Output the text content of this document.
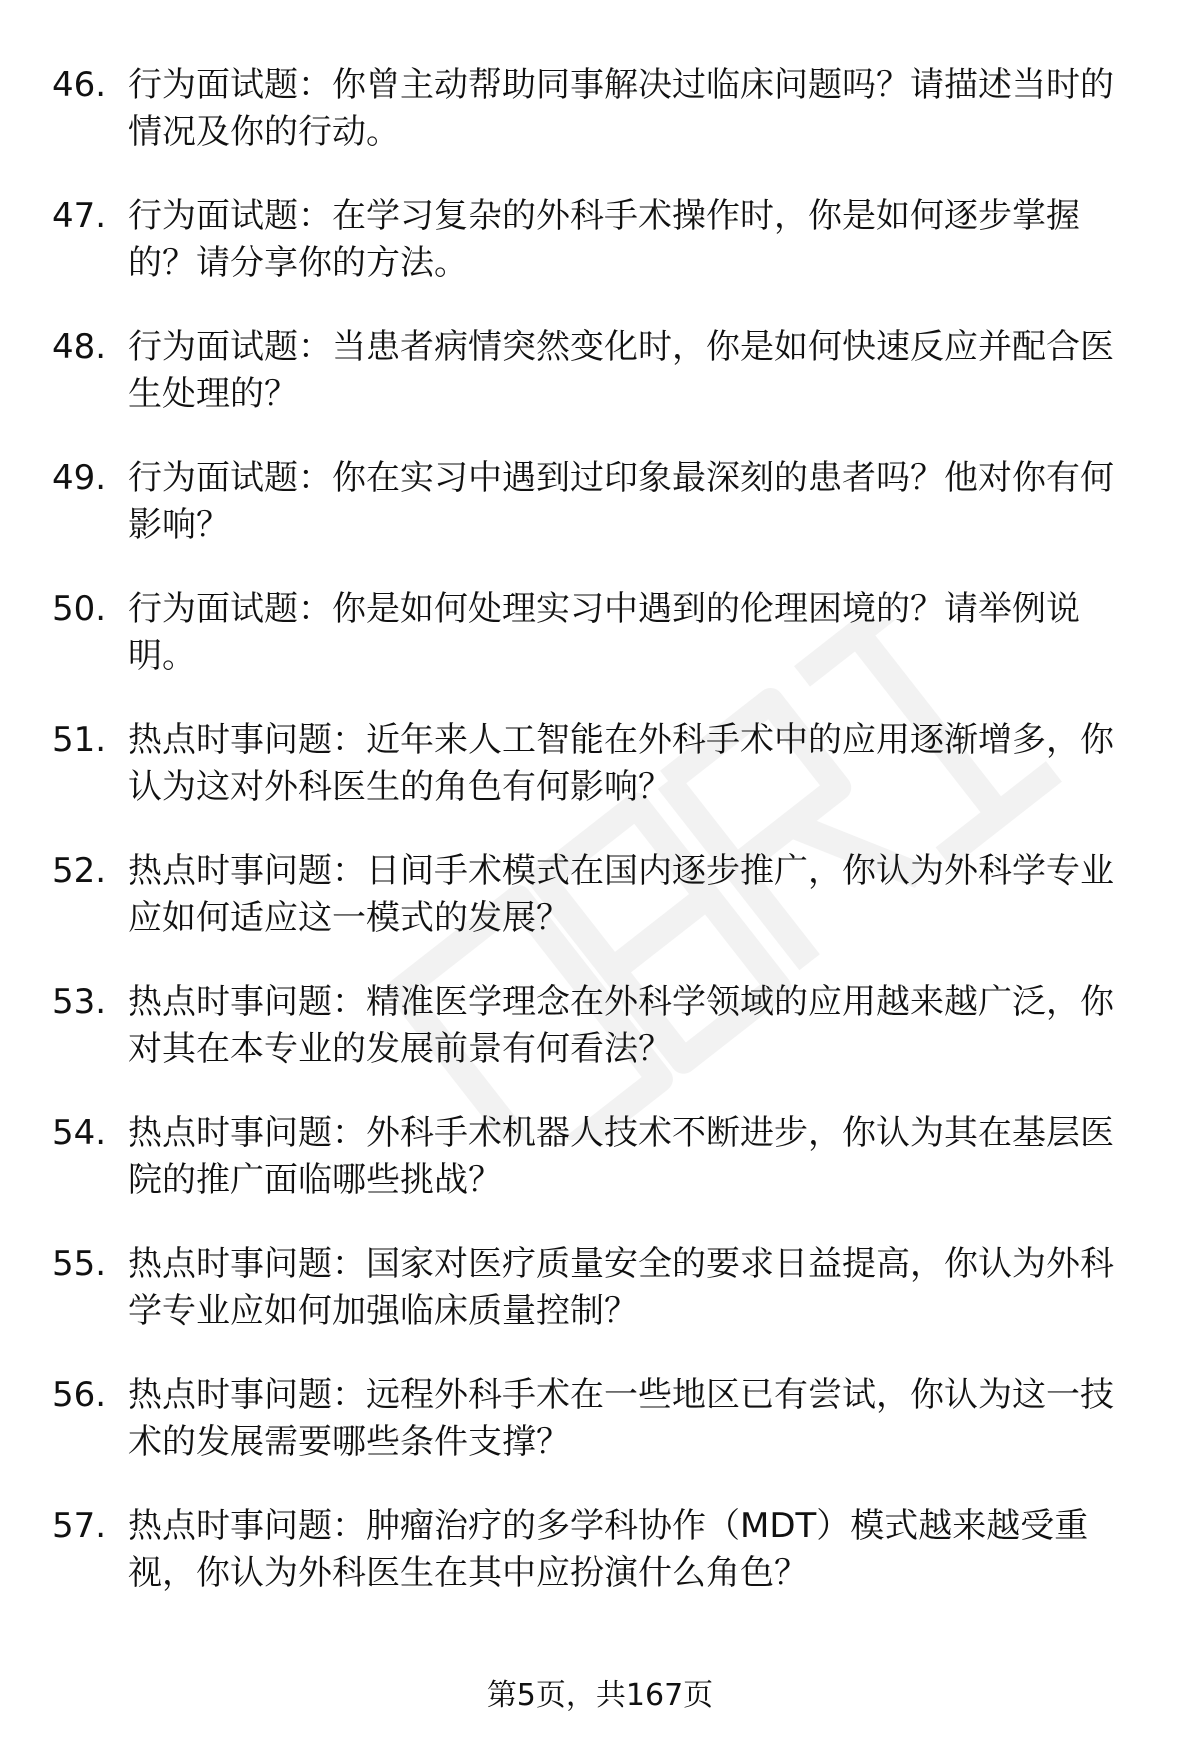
46. 行为面试题：你曾主动帮助同事解决过临床问题吗？请描述当时的情况及你的行动。
47. 行为面试题：在学习复杂的外科手术操作时，你是如何逐步掌握的？请分享你的方法。
48. 行为面试题：当患者病情突然变化时，你是如何快速反应并配合医生处理的？
49. 行为面试题：你在实习中遇到过印象最深刻的患者吗？他对你有何影响？
50. 行为面试题：你是如何处理实习中遇到的伦理困境的？请举例说明。
51. 热点时事问题：近年来人工智能在外科手术中的应用逐渐增多，你认为这对外科医生的角色有何影响？
52. 热点时事问题：日间手术模式在国内逐步推广，你认为外科学专业应如何适应这一模式的发展？
53. 热点时事问题：精准医学理念在外科学领域的应用越来越广泛，你对其在本专业的发展前景有何看法？
54. 热点时事问题：外科手术机器人技术不断进步，你认为其在基层医院的推广面临哪些挑战？
55. 热点时事问题：国家对医疗质量安全的要求日益提高，你认为外科学专业应如何加强临床质量控制？
56. 热点时事问题：远程外科手术在一些地区已有尝试，你认为这一技术的发展需要哪些条件支撑？
57. 热点时事问题：肿瘤治疗的多学科协作（MDT）模式越来越受重视，你认为外科医生在其中应扮演什么角色？
第5页，共167页
